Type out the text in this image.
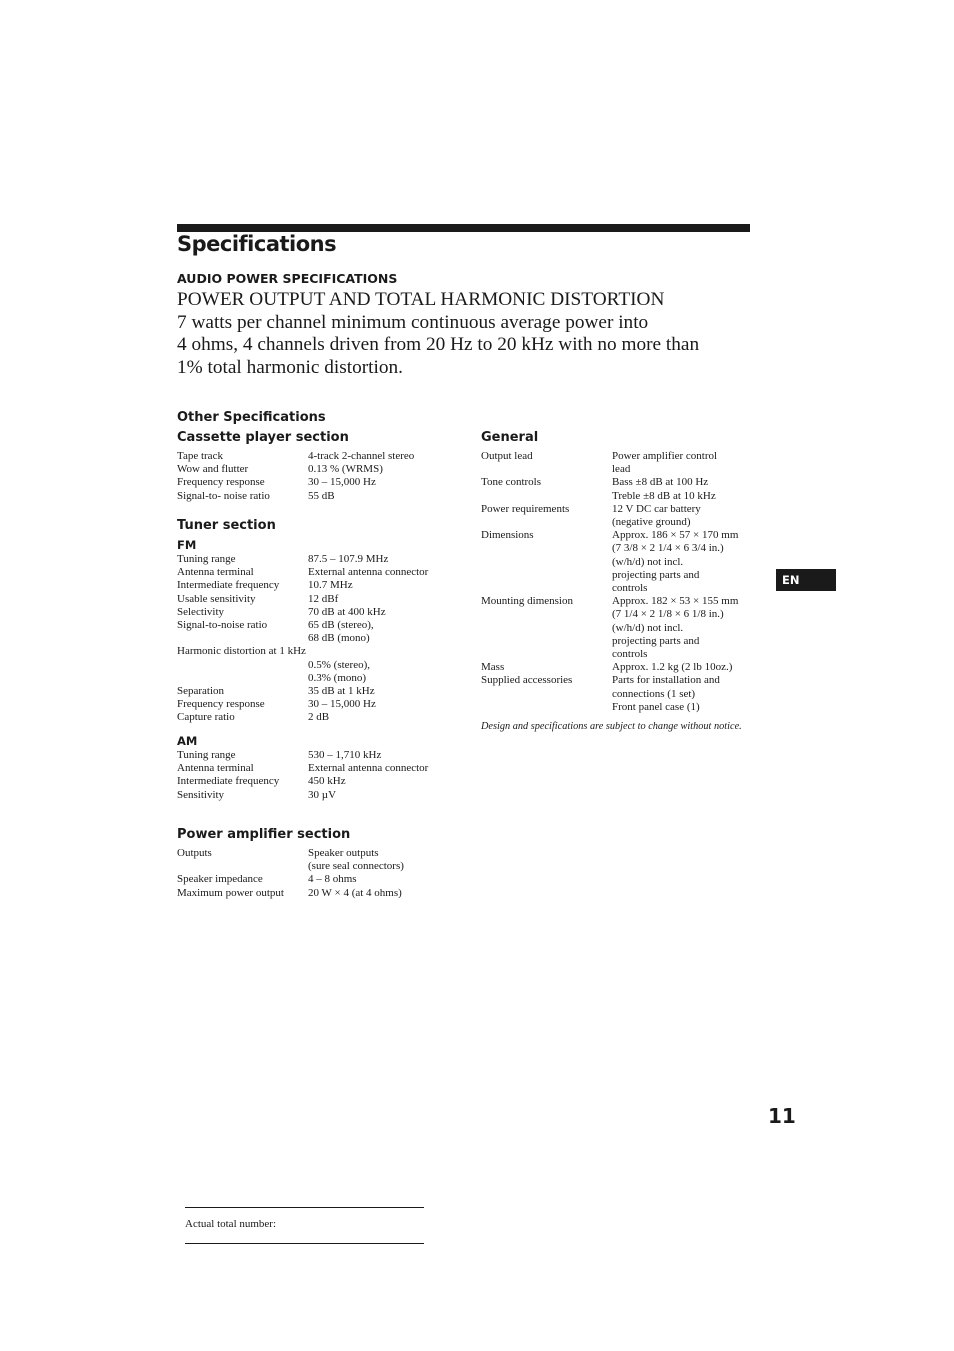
Specifications
AUDIO POWER SPECIFICATIONS
POWER OUTPUT AND TOTAL HARMONIC DISTORTION
7 watts per channel minimum continuous average power into
4 ohms, 4 channels driven from 20 Hz to 20 kHz with no more than
1% total harmonic distortion.
Other Specifications
Cassette player section
Tape track	4-track 2-channel stereo
Wow and flutter	0.13 % (WRMS)
Frequency response	30 – 15,000 Hz
Signal-to- noise ratio	55 dB
Tuner section
FM
Tuning range	87.5 – 107.9 MHz
Antenna terminal	External antenna connector
Intermediate frequency	10.7 MHz
Usable sensitivity	12 dBf
Selectivity	70 dB at 400 kHz
Signal-to-noise ratio	65 dB (stereo),
68 dB (mono)
Harmonic distortion at 1 kHz
0.5% (stereo),
0.3% (mono)
Separation	35 dB at 1 kHz
Frequency response	30 – 15,000 Hz
Capture ratio	2 dB
AM
Tuning range	530 – 1,710 kHz
Antenna terminal	External antenna connector
Intermediate frequency	450 kHz
Sensitivity	30 µV
Power amplifier section
Outputs	Speaker outputs
(sure seal connectors)
Speaker impedance	4 – 8 ohms
Maximum power output	20 W × 4 (at 4 ohms)
General
Output lead	Power amplifier control
lead
Tone controls	Bass ±8 dB at 100 Hz
Treble ±8 dB at 10 kHz
Power requirements	12 V DC car battery
(negative ground)
Dimensions	Approx. 186 × 57 × 170 mm
(7 3/8 × 2 1/4 × 6 3/4 in.)
(w/h/d) not incl.
projecting parts and
controls
Mounting dimension	Approx. 182 × 53 × 155 mm
(7 1/4 × 2 1/8 × 6 1/8 in.)
(w/h/d) not incl.
projecting parts and
controls
Mass	Approx. 1.2 kg (2 lb 10oz.)
Supplied accessories	Parts for installation and
connections (1 set)
Front panel case (1)
Design and specifications are subject to change without notice.
EN
11
Actual total number:
